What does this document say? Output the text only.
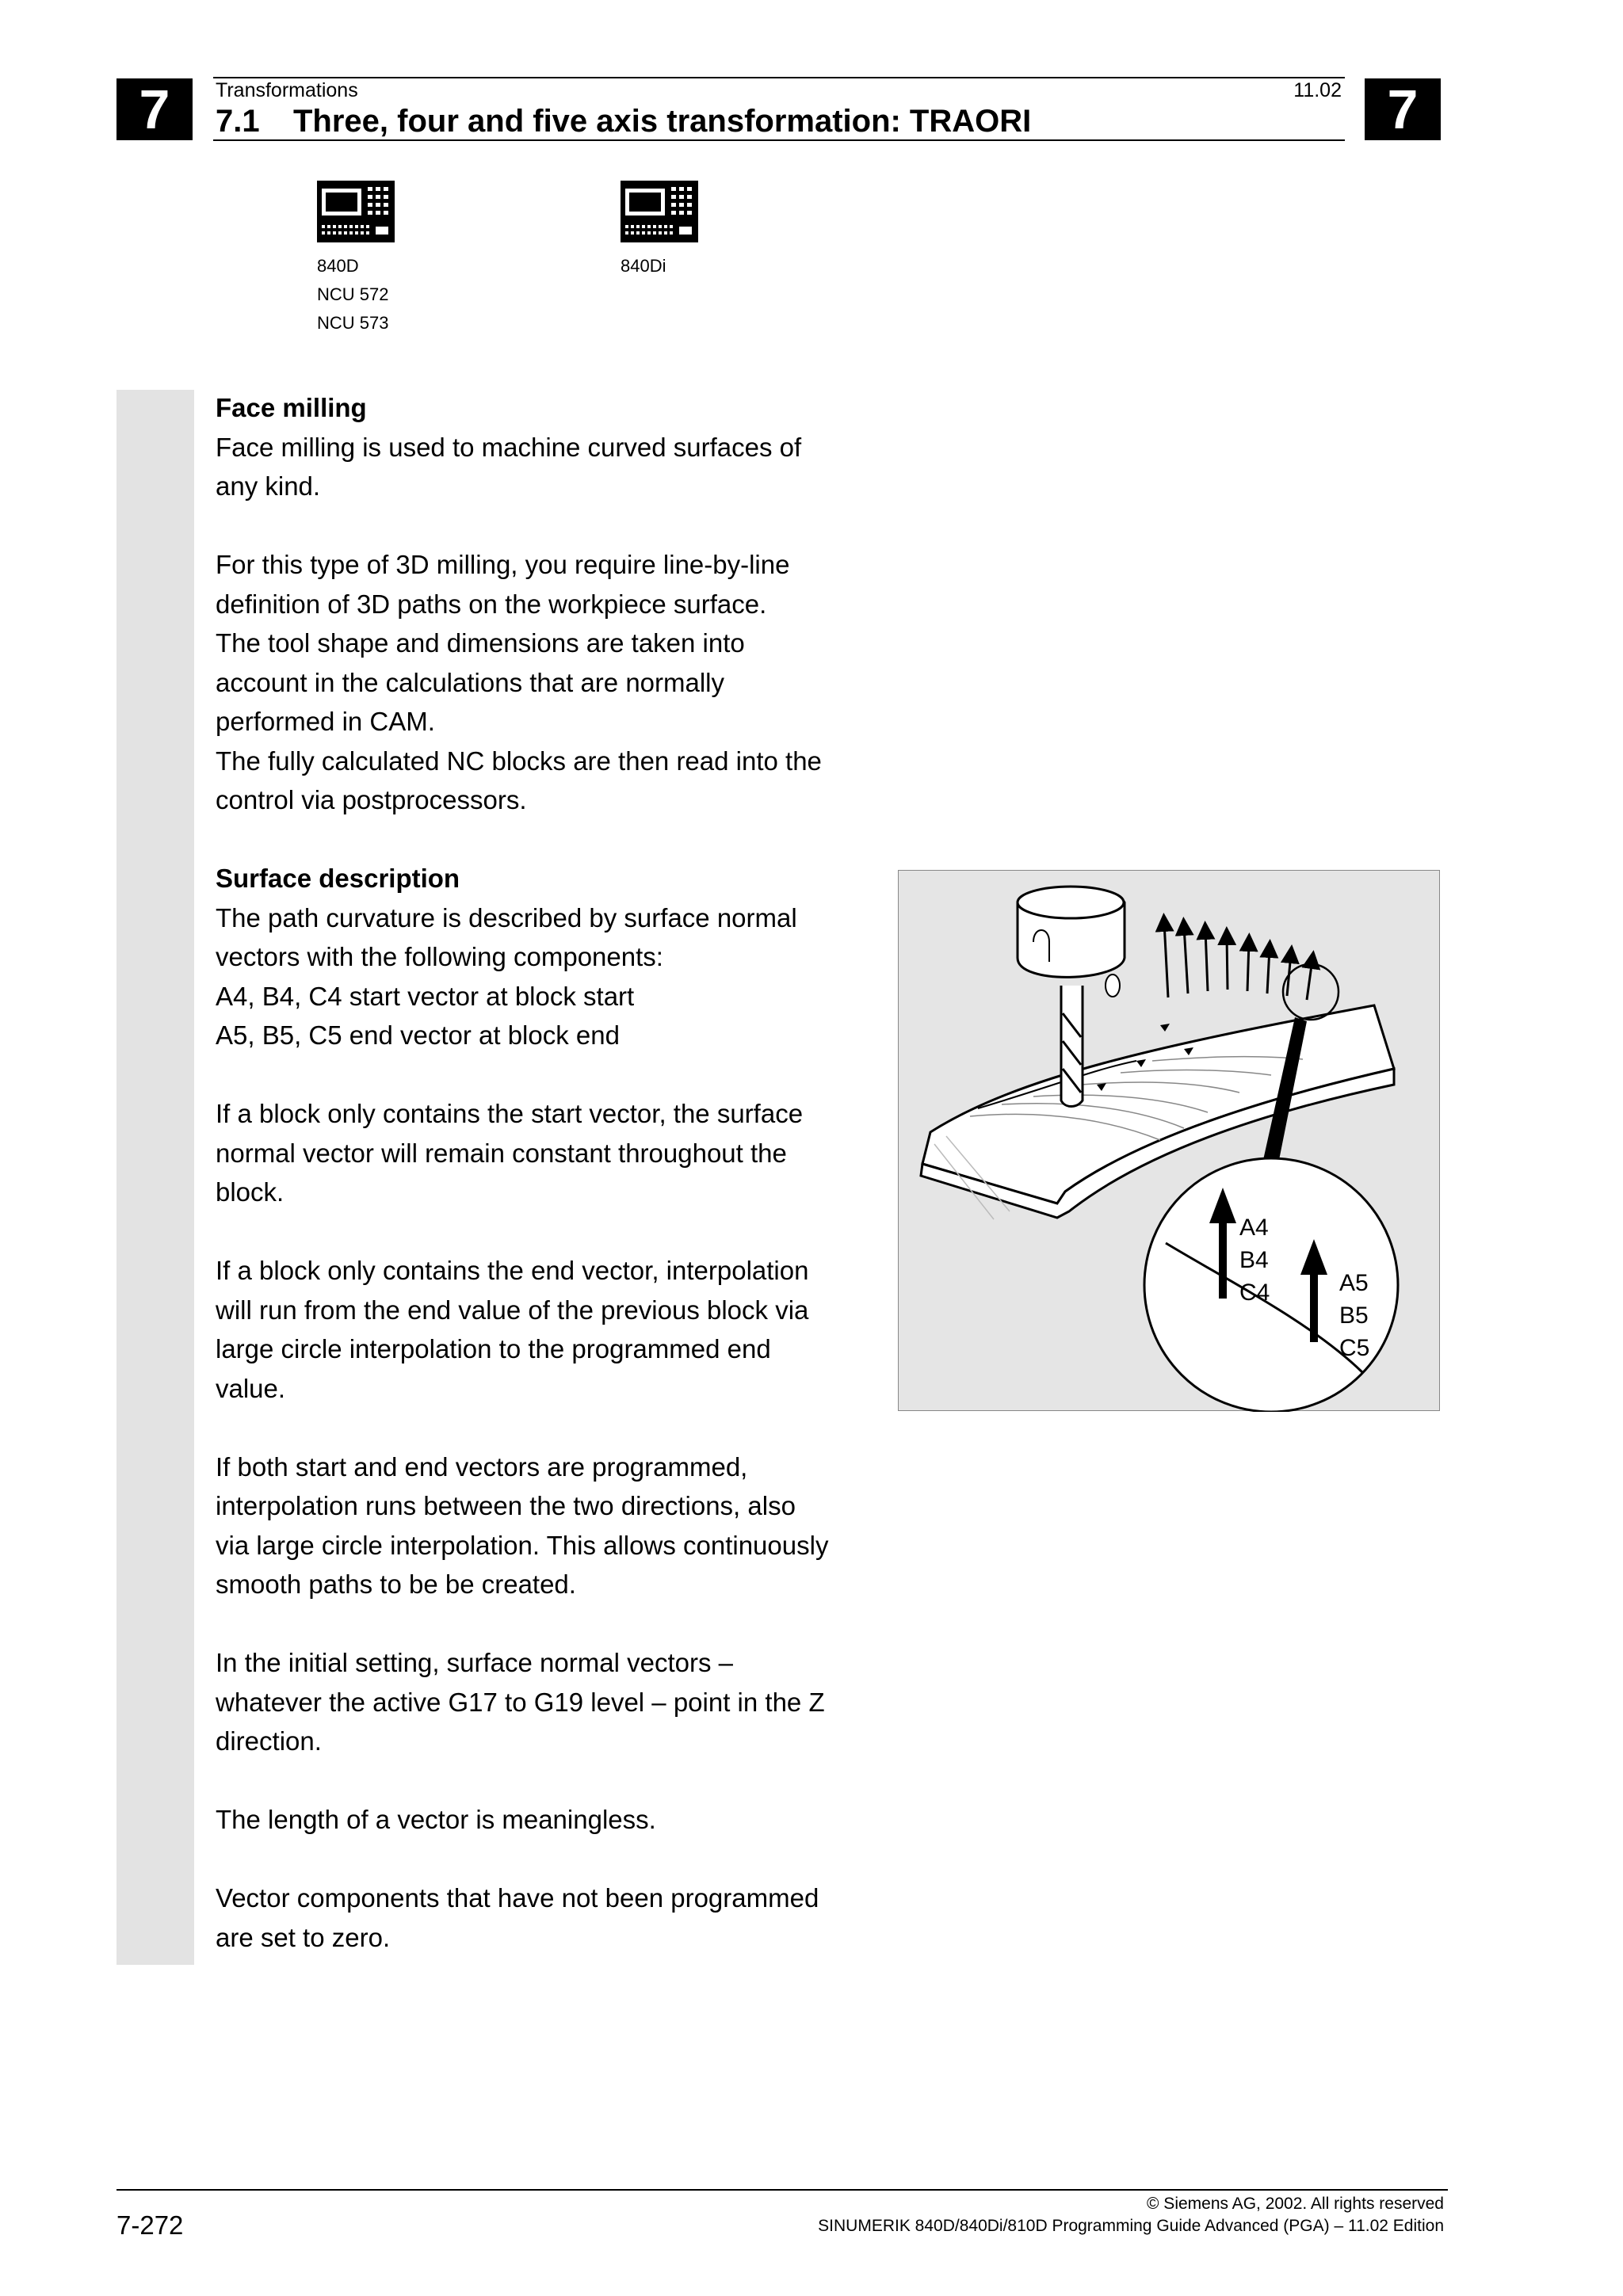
7	7
Transformations	11.02
7.1 Three, four and five axis transformation: TRAORI
840D
NCU 572
NCU 573
840Di

Face milling
Face milling is used to machine curved surfaces of
any kind.

For this type of 3D milling, you require line-by-line
definition of 3D paths on the workpiece surface.
The tool shape and dimensions are taken into
account in the calculations that are normally
performed in CAM.
The fully calculated NC blocks are then read into the
control via postprocessors.

Surface description
The path curvature is described by surface normal
vectors with the following components:
A4, B4, C4 start vector at block start
A5, B5, C5 end vector at block end

If a block only contains the start vector, the surface
normal vector will remain constant throughout the
block.

If a block only contains the end vector, interpolation
will run from the end value of the previous block via
large circle interpolation to the programmed end
value.

If both start and end vectors are programmed,
interpolation runs between the two directions, also
via large circle interpolation. This allows continuously
smooth paths to be be created.

In the initial setting, surface normal vectors –
whatever the active G17 to G19 level – point in the Z
direction.

The length of a vector is meaningless.

Vector components that have not been programmed
are set to zero.

A4
B4
C4	A5
B5
C5
7-272
© Siemens AG, 2002. All rights reserved
SINUMERIK 840D/840Di/810D Programming Guide Advanced (PGA) – 11.02 Edition
